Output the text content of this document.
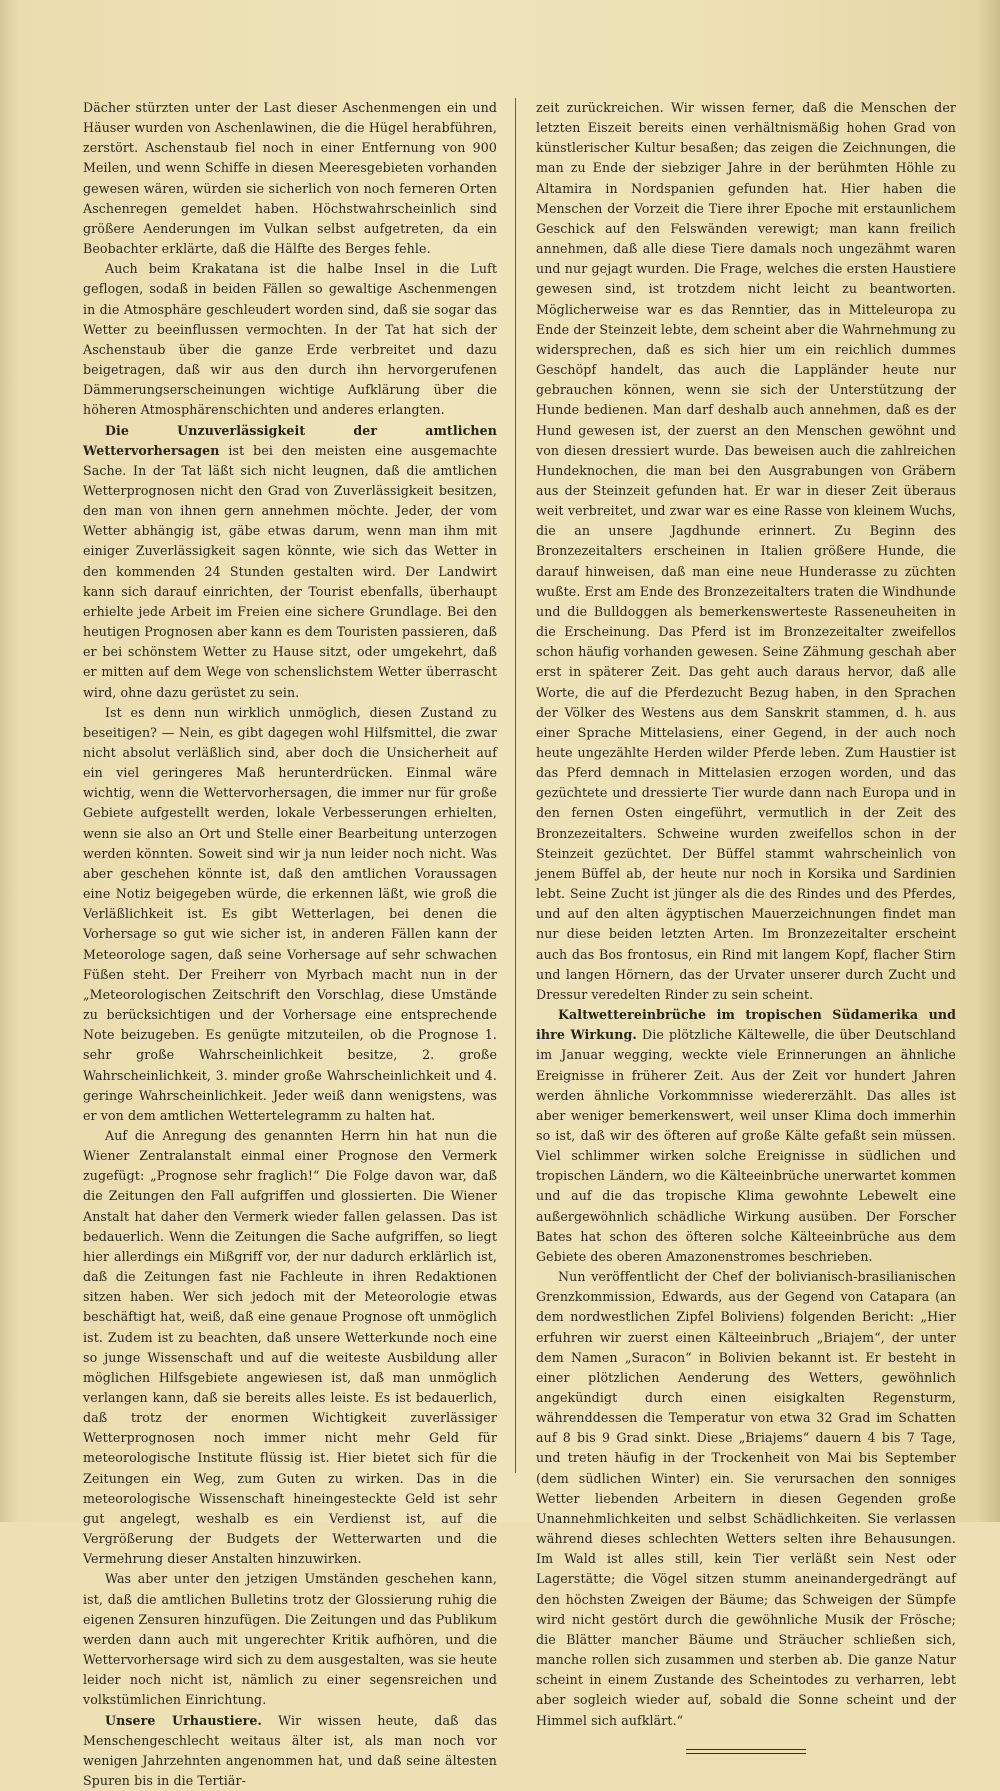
Dächer stürzten unter der Last dieser Aschenmengen ein und Häuser wurden von Aschenlawinen, die die Hügel herabführen, zerstört. Aschenstaub fiel noch in einer Entfernung von 900 Meilen, und wenn Schiffe in diesen Meeresgebieten vorhanden gewesen wären, würden sie sicherlich von noch ferneren Orten Aschenregen gemeldet haben. Höchstwahrscheinlich sind größere Aenderungen im Vulkan selbst aufgetreten, da ein Beobachter erklärte, daß die Hälfte des Berges fehle.

Auch beim Krakatana ist die halbe Insel in die Luft geflogen, sodaß in beiden Fällen so gewaltige Aschenmengen in die Atmosphäre geschleudert worden sind, daß sie sogar das Wetter zu beeinflussen vermochten. In der Tat hat sich der Aschenstaub über die ganze Erde verbreitet und dazu beigetragen, daß wir aus den durch ihn hervorgerufenen Dämmerungserscheinungen wichtige Aufklärung über die höheren Atmosphärenschichten und anderes erlangten.

Die Unzuverlässigkeit der amtlichen Wettervorhersagen ist bei den meisten eine ausgemachte Sache. In der Tat läßt sich nicht leugnen, daß die amtlichen Wetterprognosen nicht den Grad von Zuverlässigkeit besitzen, den man von ihnen gern annehmen möchte. Jeder, der vom Wetter abhängig ist, gäbe etwas darum, wenn man ihm mit einiger Zuverlässigkeit sagen könnte, wie sich das Wetter in den kommenden 24 Stunden gestalten wird. Der Landwirt kann sich darauf einrichten, der Tourist ebenfalls, überhaupt erhielte jede Arbeit im Freien eine sichere Grundlage. Bei den heutigen Prognosen aber kann es dem Touristen passieren, daß er bei schönstem Wetter zu Hause sitzt, oder umgekehrt, daß er mitten auf dem Wege von schenslichstem Wetter überrascht wird, ohne dazu gerüstet zu sein.

Ist es denn nun wirklich unmöglich, diesen Zustand zu beseitigen? — Nein, es gibt dagegen wohl Hilfsmittel, die zwar nicht absolut verläßlich sind, aber doch die Unsicherheit auf ein viel geringeres Maß herunterdrücken. Einmal wäre wichtig, wenn die Wettervorhersagen, die immer nur für große Gebiete aufgestellt werden, lokale Verbesserungen erhielten, wenn sie also an Ort und Stelle einer Bearbeitung unterzogen werden könnten. Soweit sind wir ja nun leider noch nicht. Was aber geschehen könnte ist, daß den amtlichen Voraussagen eine Notiz beigegeben würde, die erkennen läßt, wie groß die Verläßlichkeit ist. Es gibt Wetterlagen, bei denen die Vorhersage so gut wie sicher ist, in anderen Fällen kann der Meteorologe sagen, daß seine Vorhersage auf sehr schwachen Füßen steht. Der Freiherr von Myrbach macht nun in der „Meteorologischen Zeitschrift den Vorschlag, diese Umstände zu berücksichtigen und der Vorhersage eine entsprechende Note beizugeben. Es genügte mitzuteilen, ob die Prognose 1. sehr große Wahrscheinlichkeit besitze, 2. große Wahrscheinlichkeit, 3. minder große Wahrscheinlichkeit und 4. geringe Wahrscheinlichkeit. Jeder weiß dann wenigstens, was er von dem amtlichen Wettertelegramm zu halten hat.

Auf die Anregung des genannten Herrn hin hat nun die Wiener Zentralanstalt einmal einer Prognose den Vermerk zugefügt: „Prognose sehr fraglich!“ Die Folge davon war, daß die Zeitungen den Fall aufgriffen und glossierten. Die Wiener Anstalt hat daher den Vermerk wieder fallen gelassen. Das ist bedauerlich. Wenn die Zeitungen die Sache aufgriffen, so liegt hier allerdings ein Mißgriff vor, der nur dadurch erklärlich ist, daß die Zeitungen fast nie Fachleute in ihren Redaktionen sitzen haben. Wer sich jedoch mit der Meteorologie etwas beschäftigt hat, weiß, daß eine genaue Prognose oft unmöglich ist. Zudem ist zu beachten, daß unsere Wetterkunde noch eine so junge Wissenschaft und auf die weiteste Ausbildung aller möglichen Hilfsgebiete angewiesen ist, daß man unmöglich verlangen kann, daß sie bereits alles leiste. Es ist bedauerlich, daß trotz der enormen Wichtigkeit zuverlässiger Wetterprognosen noch immer nicht mehr Geld für meteorologische Institute flüssig ist. Hier bietet sich für die Zeitungen ein Weg, zum Guten zu wirken. Das in die meteorologische Wissenschaft hineingesteckte Geld ist sehr gut angelegt, weshalb es ein Verdienst ist, auf die Vergrößerung der Budgets der Wetterwarten und die Vermehrung dieser Anstalten hinzuwirken.

Was aber unter den jetzigen Umständen geschehen kann, ist, daß die amtlichen Bulletins trotz der Glossierung ruhig die eigenen Zensuren hinzufügen. Die Zeitungen und das Publikum werden dann auch mit ungerechter Kritik aufhören, und die Wettervorhersage wird sich zu dem ausgestalten, was sie heute leider noch nicht ist, nämlich zu einer segensreichen und volkstümlichen Einrichtung.

Unsere Urhaustiere. Wir wissen heute, daß das Menschengeschlecht weitaus älter ist, als man noch vor wenigen Jahrzehnten angenommen hat, und daß seine ältesten Spuren bis in die Tertiär-

zeit zurückreichen. Wir wissen ferner, daß die Menschen der letzten Eiszeit bereits einen verhältnismäßig hohen Grad von künstlerischer Kultur besaßen; das zeigen die Zeichnungen, die man zu Ende der siebziger Jahre in der berühmten Höhle zu Altamira in Nordspanien gefunden hat. Hier haben die Menschen der Vorzeit die Tiere ihrer Epoche mit erstaunlichem Geschick auf den Felswänden verewigt; man kann freilich annehmen, daß alle diese Tiere damals noch ungezähmt waren und nur gejagt wurden. Die Frage, welches die ersten Haustiere gewesen sind, ist trotzdem nicht leicht zu beantworten. Möglicherweise war es das Renntier, das in Mitteleuropa zu Ende der Steinzeit lebte, dem scheint aber die Wahrnehmung zu widersprechen, daß es sich hier um ein reichlich dummes Geschöpf handelt, das auch die Lappländer heute nur gebrauchen können, wenn sie sich der Unterstützung der Hunde bedienen. Man darf deshalb auch annehmen, daß es der Hund gewesen ist, der zuerst an den Menschen gewöhnt und von diesen dressiert wurde. Das beweisen auch die zahlreichen Hundeknochen, die man bei den Ausgrabungen von Gräbern aus der Steinzeit gefunden hat. Er war in dieser Zeit überaus weit verbreitet, und zwar war es eine Rasse von kleinem Wuchs, die an unsere Jagdhunde erinnert. Zu Beginn des Bronzezeitalters erscheinen in Italien größere Hunde, die darauf hinweisen, daß man eine neue Hunderasse zu züchten wußte. Erst am Ende des Bronzezeitalters traten die Windhunde und die Bulldoggen als bemerkenswerteste Rasseneuheiten in die Erscheinung. Das Pferd ist im Bronzezeitalter zweifellos schon häufig vorhanden gewesen. Seine Zähmung geschah aber erst in späterer Zeit. Das geht auch daraus hervor, daß alle Worte, die auf die Pferdezucht Bezug haben, in den Sprachen der Völker des Westens aus dem Sanskrit stammen, d. h. aus einer Sprache Mittelasiens, einer Gegend, in der auch noch heute ungezählte Herden wilder Pferde leben. Zum Haustier ist das Pferd demnach in Mittelasien erzogen worden, und das gezüchtete und dressierte Tier wurde dann nach Europa und in den fernen Osten eingeführt, vermutlich in der Zeit des Bronzezeitalters. Schweine wurden zweifellos schon in der Steinzeit gezüchtet. Der Büffel stammt wahrscheinlich von jenem Büffel ab, der heute nur noch in Korsika und Sardinien lebt. Seine Zucht ist jünger als die des Rindes und des Pferdes, und auf den alten ägyptischen Mauerzeichnungen findet man nur diese beiden letzten Arten. Im Bronzezeitalter erscheint auch das Bos frontosus, ein Rind mit langem Kopf, flacher Stirn und langen Hörnern, das der Urvater unserer durch Zucht und Dressur veredelten Rinder zu sein scheint.

Kaltwettereinbrüche im tropischen Südamerika und ihre Wirkung. Die plötzliche Kältewelle, die über Deutschland im Januar wegging, weckte viele Erinnerungen an ähnliche Ereignisse in früherer Zeit. Aus der Zeit vor hundert Jahren werden ähnliche Vorkommnisse wiedererzählt. Das alles ist aber weniger bemerkenswert, weil unser Klima doch immerhin so ist, daß wir des öfteren auf große Kälte gefaßt sein müssen. Viel schlimmer wirken solche Ereignisse in südlichen und tropischen Ländern, wo die Kälteeinbrüche unerwartet kommen und auf die das tropische Klima gewohnte Lebewelt eine außergewöhnlich schädliche Wirkung ausüben. Der Forscher Bates hat schon des öfteren solche Kälteeinbrüche aus dem Gebiete des oberen Amazonenstromes beschrieben.

Nun veröffentlicht der Chef der bolivianisch-brasilianischen Grenzkommission, Edwards, aus der Gegend von Catapara (an dem nordwestlichen Zipfel Boliviens) folgenden Bericht: „Hier erfuhren wir zuerst einen Kälteeinbruch „Briajem“, der unter dem Namen „Suracon“ in Bolivien bekannt ist. Er besteht in einer plötzlichen Aenderung des Wetters, gewöhnlich angekündigt durch einen eisigkalten Regensturm, währenddessen die Temperatur von etwa 32 Grad im Schatten auf 8 bis 9 Grad sinkt. Diese „Briajems“ dauern 4 bis 7 Tage, und treten häufig in der Trockenheit von Mai bis September (dem südlichen Winter) ein. Sie verursachen den sonniges Wetter liebenden Arbeitern in diesen Gegenden große Unannehmlichkeiten und selbst Schädlichkeiten. Sie verlassen während dieses schlechten Wetters selten ihre Behausungen. Im Wald ist alles still, kein Tier verläßt sein Nest oder Lagerstätte; die Vögel sitzen stumm aneinandergedrängt auf den höchsten Zweigen der Bäume; das Schweigen der Sümpfe wird nicht gestört durch die gewöhnliche Musik der Frösche; die Blätter mancher Bäume und Sträucher schließen sich, manche rollen sich zusammen und sterben ab. Die ganze Natur scheint in einem Zustande des Scheintodes zu verharren, lebt aber sogleich wieder auf, sobald die Sonne scheint und der Himmel sich aufklärt.“
